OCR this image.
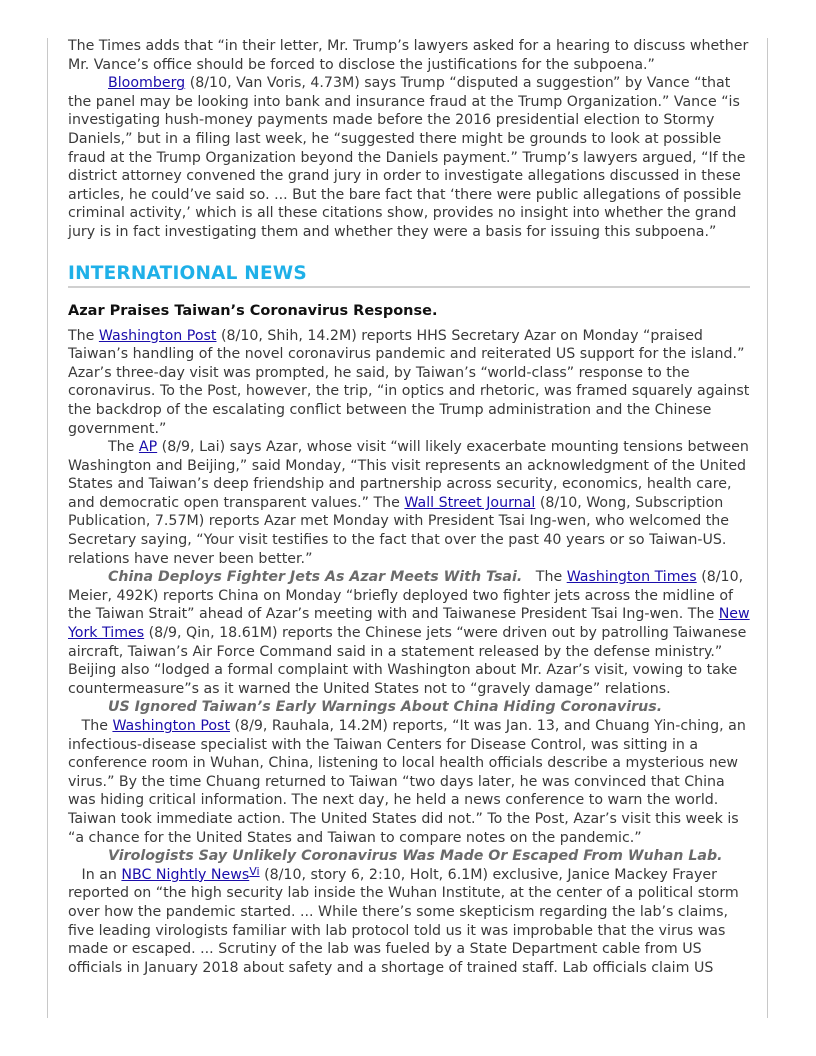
The Times adds that “in their letter, Mr. Trump’s lawyers asked for a hearing to discuss whether Mr. Vance’s office should be forced to disclose the justifications for the subpoena.”

Bloomberg (8/10, Van Voris, 4.73M) says Trump “disputed a suggestion” by Vance “that the panel may be looking into bank and insurance fraud at the Trump Organization.” Vance “is investigating hush-money payments made before the 2016 presidential election to Stormy Daniels,” but in a filing last week, he “suggested there might be grounds to look at possible fraud at the Trump Organization beyond the Daniels payment.” Trump’s lawyers argued, “If the district attorney convened the grand jury in order to investigate allegations discussed in these articles, he could’ve said so. ... But the bare fact that ‘there were public allegations of possible criminal activity,’ which is all these citations show, provides no insight into whether the grand jury is in fact investigating them and whether they were a basis for issuing this subpoena.”

INTERNATIONAL NEWS
Azar Praises Taiwan’s Coronavirus Response.

The Washington Post (8/10, Shih, 14.2M) reports HHS Secretary Azar on Monday “praised Taiwan’s handling of the novel coronavirus pandemic and reiterated US support for the island.” Azar’s three-day visit was prompted, he said, by Taiwan’s “world-class” response to the coronavirus. To the Post, however, the trip, “in optics and rhetoric, was framed squarely against the backdrop of the escalating conflict between the Trump administration and the Chinese government.”

The AP (8/9, Lai) says Azar, whose visit “will likely exacerbate mounting tensions between Washington and Beijing,” said Monday, “This visit represents an acknowledgment of the United States and Taiwan’s deep friendship and partnership across security, economics, health care, and democratic open transparent values.” The Wall Street Journal (8/10, Wong, Subscription Publication, 7.57M) reports Azar met Monday with President Tsai Ing-wen, who welcomed the Secretary saying, “Your visit testifies to the fact that over the past 40 years or so Taiwan-US. relations have never been better.”

China Deploys Fighter Jets As Azar Meets With Tsai.   The Washington Times (8/10, Meier, 492K) reports China on Monday “briefly deployed two fighter jets across the midline of the Taiwan Strait” ahead of Azar’s meeting with and Taiwanese President Tsai Ing-wen. The New York Times (8/9, Qin, 18.61M) reports the Chinese jets “were driven out by patrolling Taiwanese aircraft, Taiwan’s Air Force Command said in a statement released by the defense ministry.” Beijing also “lodged a formal complaint with Washington about Mr. Azar’s visit, vowing to take countermeasure”s as it warned the United States not to “gravely damage” relations.

US Ignored Taiwan’s Early Warnings About China Hiding Coronavirus.   The Washington Post (8/9, Rauhala, 14.2M) reports, “It was Jan. 13, and Chuang Yin-ching, an infectious-disease specialist with the Taiwan Centers for Disease Control, was sitting in a conference room in Wuhan, China, listening to local health officials describe a mysterious new virus.” By the time Chuang returned to Taiwan “two days later, he was convinced that China was hiding critical information. The next day, he held a news conference to warn the world. Taiwan took immediate action. The United States did not.” To the Post, Azar’s visit this week is “a chance for the United States and Taiwan to compare notes on the pandemic.”

Virologists Say Unlikely Coronavirus Was Made Or Escaped From Wuhan Lab.   In an NBC Nightly News$^{Vi}$ (8/10, story 6, 2:10, Holt, 6.1M) exclusive, Janice Mackey Frayer reported on “the high security lab inside the Wuhan Institute, at the center of a political storm over how the pandemic started. ... While there’s some skepticism regarding the lab’s claims, five leading virologists familiar with lab protocol told us it was improbable that the virus was made or escaped. ... Scrutiny of the lab was fueled by a State Department cable from US officials in January 2018 about safety and a shortage of trained staff. Lab officials claim US
